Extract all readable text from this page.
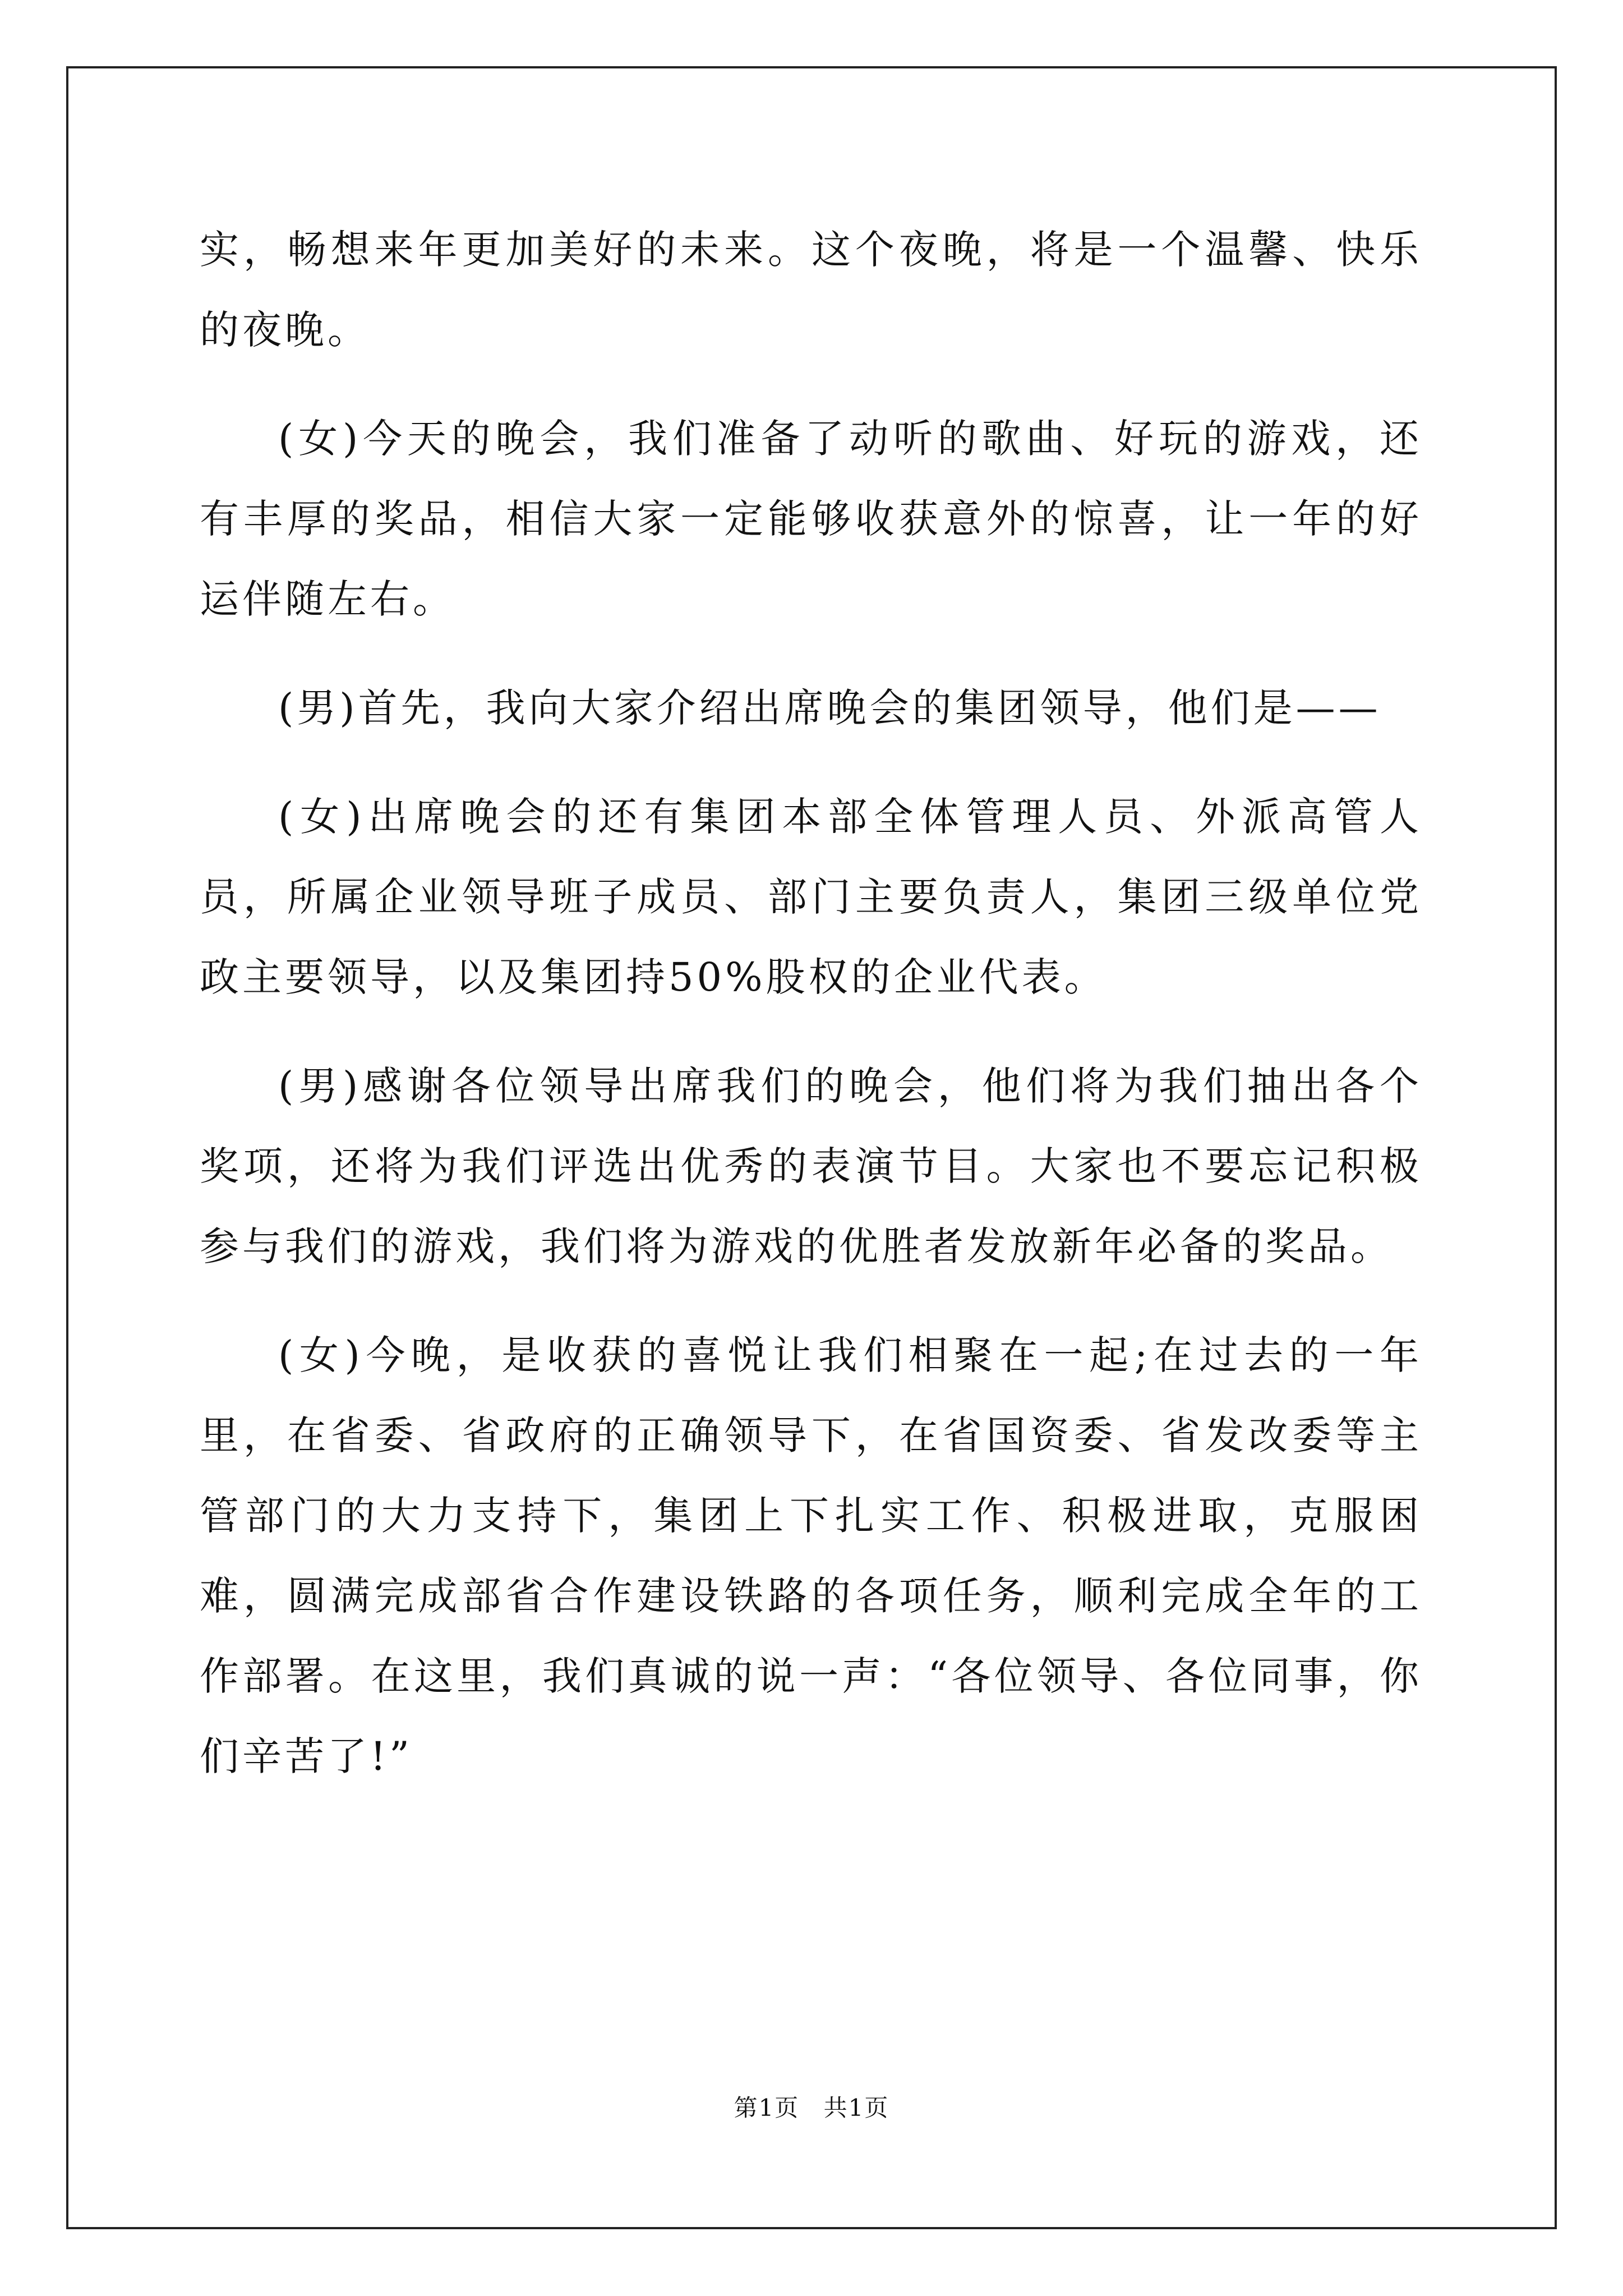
实，畅想来年更加美好的未来。这个夜晚，将是一个温馨、快乐的夜晚。

(女)今天的晚会，我们准备了动听的歌曲、好玩的游戏，还有丰厚的奖品，相信大家一定能够收获意外的惊喜，让一年的好运伴随左右。

(男)首先，我向大家介绍出席晚会的集团领导，他们是——

(女)出席晚会的还有集团本部全体管理人员、外派高管人员，所属企业领导班子成员、部门主要负责人，集团三级单位党政主要领导，以及集团持50%股权的企业代表。

(男)感谢各位领导出席我们的晚会，他们将为我们抽出各个奖项，还将为我们评选出优秀的表演节目。大家也不要忘记积极参与我们的游戏，我们将为游戏的优胜者发放新年必备的奖品。

(女)今晚，是收获的喜悦让我们相聚在一起;在过去的一年里，在省委、省政府的正确领导下，在省国资委、省发改委等主管部门的大力支持下，集团上下扎实工作、积极进取，克服困难，圆满完成部省合作建设铁路的各项任务，顺利完成全年的工作部署。在这里，我们真诚的说一声：“各位领导、各位同事，你们辛苦了!”

第1页 共1页
